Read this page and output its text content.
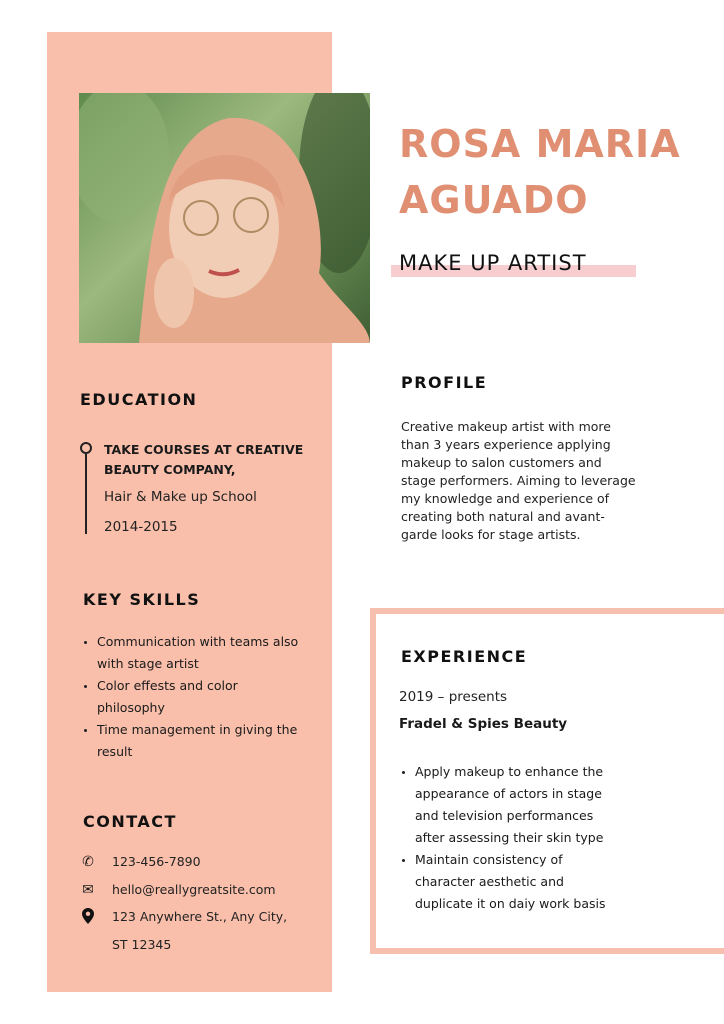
ROSA MARIA
AGUADO
MAKE UP ARTIST
EDUCATION
TAKE COURSES AT CREATIVE BEAUTY COMPANY,
Hair & Make up School
2014-2015
KEY SKILLS
Communication with teams also with stage artist
Color effests and color philosophy
Time management in giving the result
CONTACT
✆ 123-456-7890
✉ hello@reallygreatsite.com
123 Anywhere St., Any City,
ST 12345
PROFILE
Creative makeup artist with more than 3 years experience applying makeup to salon customers and stage performers. Aiming to leverage my knowledge and experience of creating both natural and avant-garde looks for stage artists.
EXPERIENCE
2019 – presents
Fradel & Spies Beauty
Apply makeup to enhance the appearance of actors in stage and television performances after assessing their skin type
Maintain consistency of character aesthetic and duplicate it on daiy work basis
